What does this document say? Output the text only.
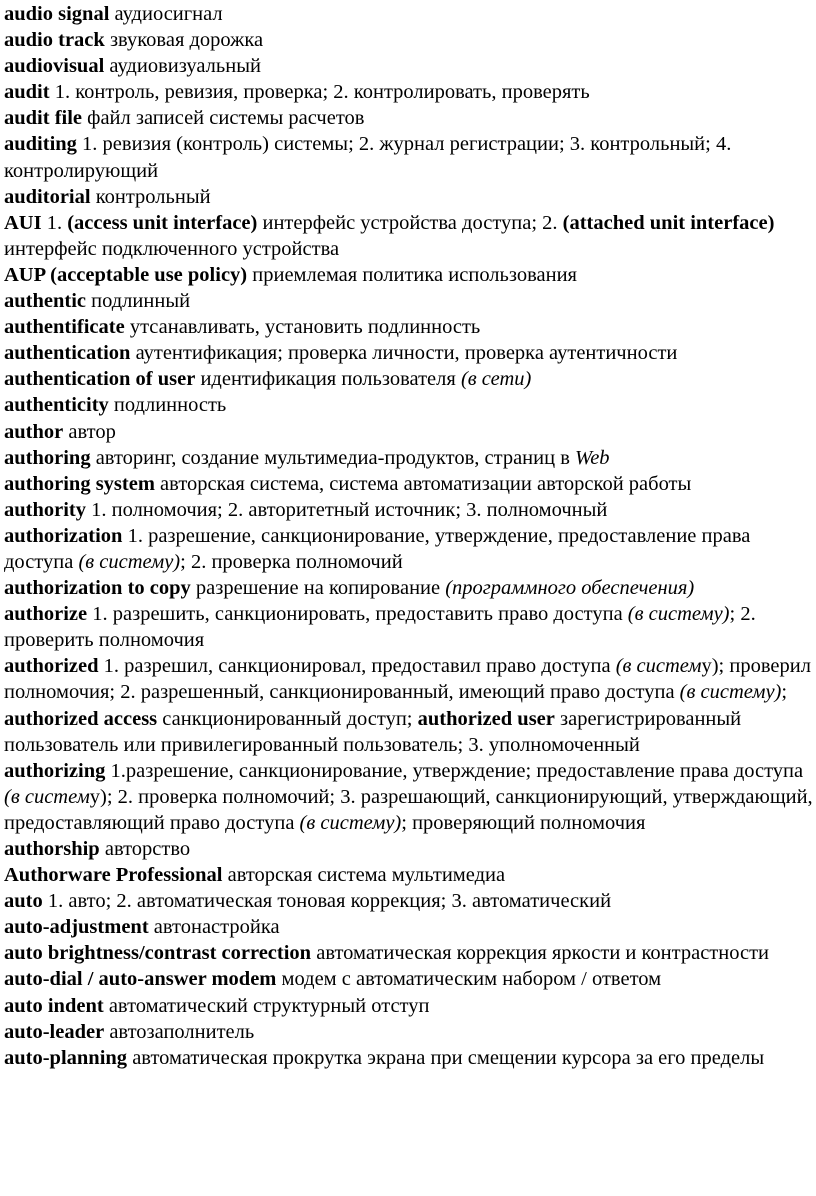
audio signal аудиосигнал

audio track звуковая дорожка

audiovisual аудиовизуальный

audit 1. контроль, ревизия, проверка; 2. контролировать, проверять

audit file файл записей системы расчетов

auditing 1. ревизия (контроль) системы; 2. журнал регистрации; 3. контрольный; 4. контролирующий

auditorial контрольный

AUI 1. (access unit interface) интерфейс устройства доступа; 2. (attached unit interface) интерфейс подключенного устройства

AUP (acceptable use policy) приемлемая политика использования

authentic подлинный

authentificate утсанавливать, установить подлинность

authentication аутентификация; проверка личности, проверка аутентичности

authentication of user идентификация пользователя (в сети)

authenticity подлинность

author автор

authoring авторинг, создание мультимедиа-продуктов, страниц в Web

authoring system авторская система, система автоматизации авторской работы

authority 1. полномочия; 2. авторитетный источник; 3. полномочный

authorization 1. разрешение, санкционирование, утверждение, предоставление права доступа (в систему); 2. проверка полномочий

authorization to copy разрешение на копирование (программного обеспечения)

authorize 1. разрешить, санкционировать, предоставить право доступа (в систему); 2. проверить полномочия

authorized 1. разрешил, санкционировал, предоставил право доступа (в систему); проверил полномочия; 2. разрешенный, санкционированный, имеющий право доступа (в систему); authorized access санкционированный доступ; authorized user зарегистрированный пользователь или привилегированный пользователь; 3. уполномоченный

authorizing 1.разрешение, санкционирование, утверждение; предоставление права доступа (в систему); 2. проверка полномочий; 3. разрешающий, санкционирующий, утверждающий, предоставляющий право доступа (в систему); проверяющий полномочия

authorship авторство

Authorware Professional авторская система мультимедиа

auto 1. авто; 2. автоматическая тоновая коррекция; 3. автоматический

auto-adjustment автонастройка

auto brightness/contrast correction автоматическая коррекция яркости и контрастности

auto-dial / auto-answer modem модем с автоматическим набором / ответом

auto indent автоматический структурный отступ

auto-leader автозаполнитель

auto-planning автоматическая прокрутка экрана при смещении курсора за его пределы
